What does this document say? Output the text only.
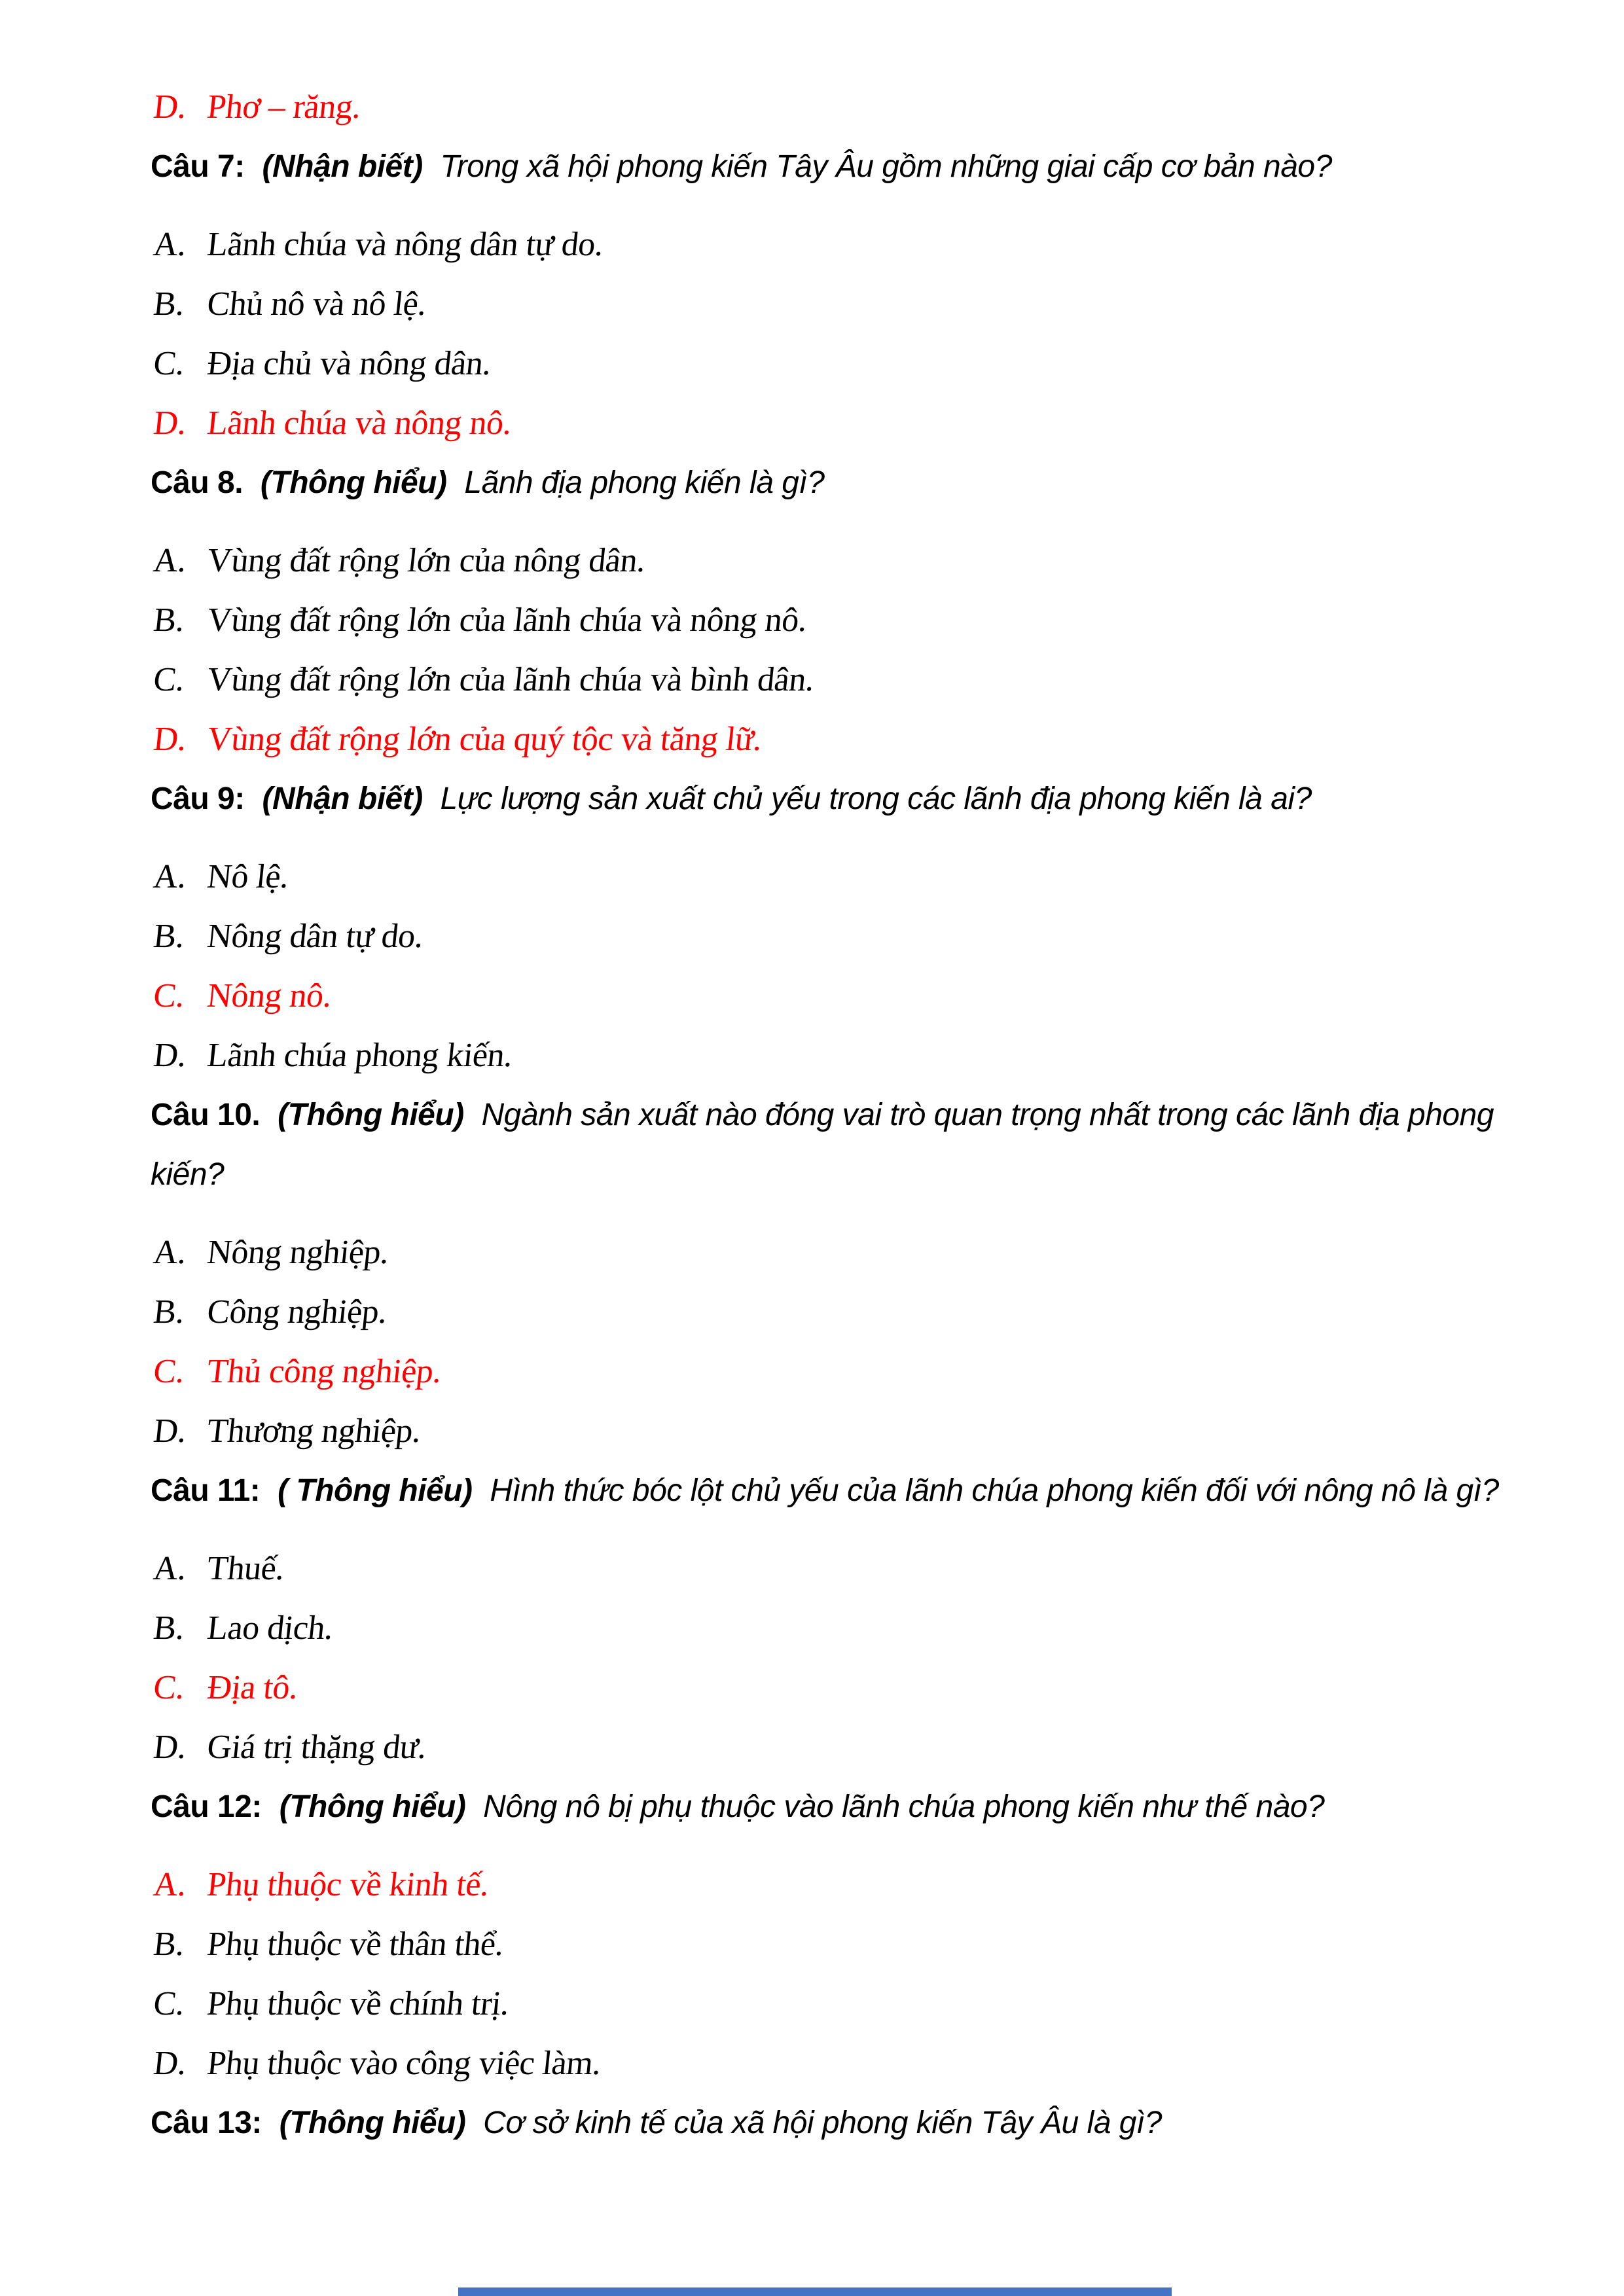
D. Phơ – răng.

Câu 7: (Nhận biết) Trong xã hội phong kiến Tây Âu gồm những giai cấp cơ bản nào?

A. Lãnh chúa và nông dân tự do.
B. Chủ nô và nô lệ.
C. Địa chủ và nông dân.
D. Lãnh chúa và nông nô.

Câu 8. (Thông hiểu) Lãnh địa phong kiến là gì?

A. Vùng đất rộng lớn của nông dân.
B. Vùng đất rộng lớn của lãnh chúa và nông nô.
C. Vùng đất rộng lớn của lãnh chúa và bình dân.
D. Vùng đất rộng lớn của quý tộc và tăng lữ.

Câu 9: (Nhận biết) Lực lượng sản xuất chủ yếu trong các lãnh địa phong kiến là ai?

A. Nô lệ.
B. Nông dân tự do.
C. Nông nô.
D. Lãnh chúa phong kiến.

Câu 10. (Thông hiểu) Ngành sản xuất nào đóng vai trò quan trọng nhất trong các lãnh địa phong kiến?

A. Nông nghiệp.
B. Công nghiệp.
C. Thủ công nghiệp.
D. Thương nghiệp.

Câu 11: ( Thông hiểu) Hình thức bóc lột chủ yếu của lãnh chúa phong kiến đối với nông nô là gì?

A. Thuế.
B. Lao dịch.
C. Địa tô.
D. Giá trị thặng dư.

Câu 12: (Thông hiểu) Nông nô bị phụ thuộc vào lãnh chúa phong kiến như thế nào?

A. Phụ thuộc về kinh tế.
B. Phụ thuộc về thân thể.
C. Phụ thuộc về chính trị.
D. Phụ thuộc vào công việc làm.

Câu 13: (Thông hiểu) Cơ sở kinh tế của xã hội phong kiến Tây Âu là gì?
